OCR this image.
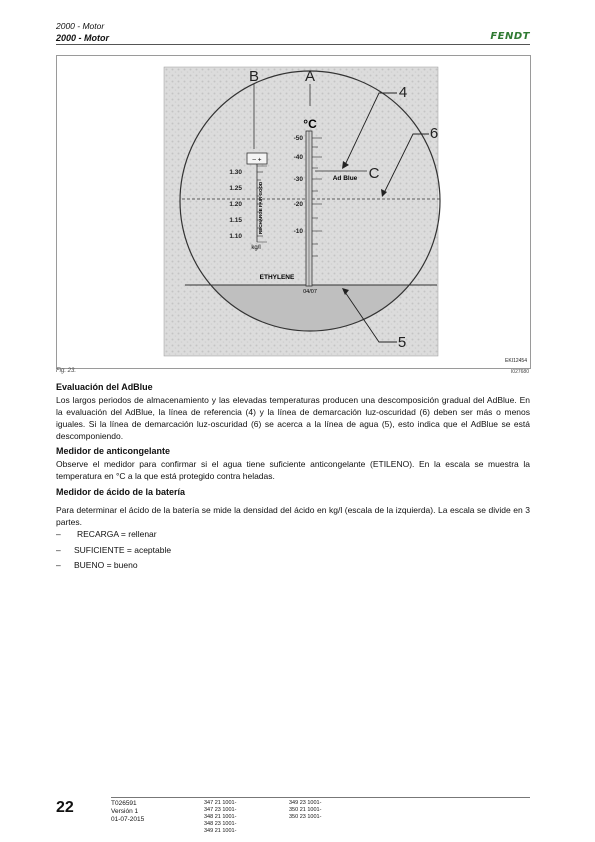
2000 - Motor
2000 - Motor	FENDT
– +
1.30
1.25
1.20
1.15
1.10
kg/l
RECHARGE FAIR GOOD
°C
-50
-40
-30
-20
-10
ETHYLENE
04/07
Ad Blue
A
B
C
4
5
6
EKI12454
Fig. 23.	I027680
Evaluación del AdBlue
Los largos periodos de almacenamiento y las elevadas temperaturas producen una descomposición gradual del AdBlue. En la evaluación del AdBlue, la línea de referencia (4) y la línea de demarcación luz-oscuridad (6) deben ser más o menos iguales. Si la línea de demarcación luz-oscuridad (6) se acerca a la línea de agua (5), esto indica que el AdBlue se está descomponiendo.
Medidor de anticongelante
Observe el medidor para confirmar si el agua tiene suficiente anticongelante (ETILENO). En la escala se muestra la temperatura en °C a la que está protegido contra heladas.
Medidor de ácido de la batería
Para determinar el ácido de la batería se mide la densidad del ácido en kg/l (escala de la izquierda). La escala se divide en 3 partes.
– RECARGA = rellenar
– SUFICIENTE = aceptable
– BUENO = bueno
22	T026591
Versión 1
01-07-2015
347 21 1001-
347 23 1001-
348 21 1001-
348 23 1001-
349 21 1001-
349 23 1001-
350 21 1001-
350 23 1001-
